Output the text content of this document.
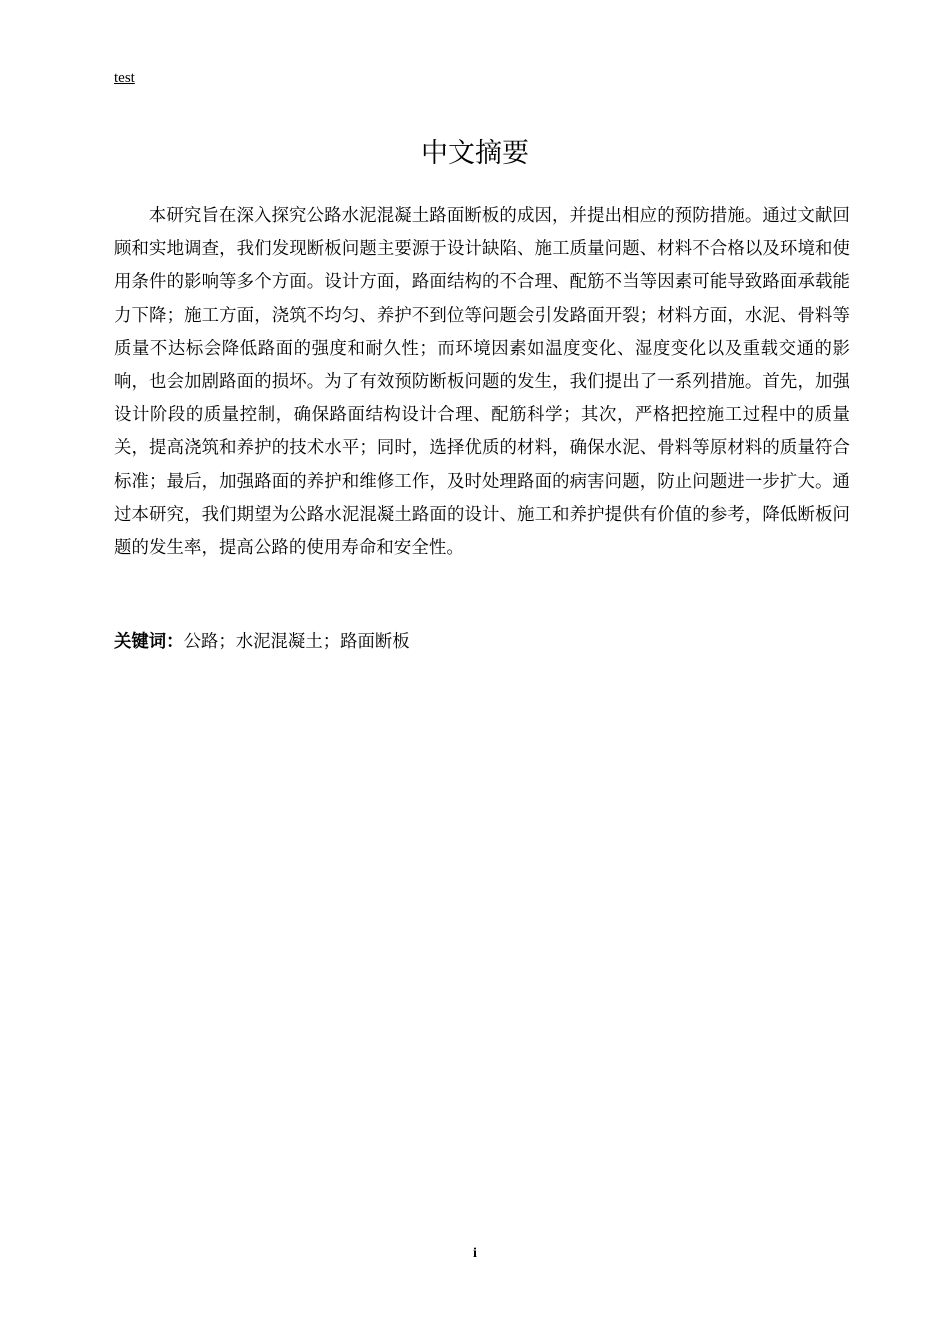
test
中文摘要

本研究旨在深入探究公路水泥混凝土路面断板的成因，并提出相应的预防措施。通过文献回顾和实地调查，我们发现断板问题主要源于设计缺陷、施工质量问题、材料不合格以及环境和使用条件的影响等多个方面。设计方面，路面结构的不合理、配筋不当等因素可能导致路面承载能力下降；施工方面，浇筑不均匀、养护不到位等问题会引发路面开裂；材料方面，水泥、骨料等质量不达标会降低路面的强度和耐久性；而环境因素如温度变化、湿度变化以及重载交通的影响，也会加剧路面的损坏。为了有效预防断板问题的发生，我们提出了一系列措施。首先，加强设计阶段的质量控制，确保路面结构设计合理、配筋科学；其次，严格把控施工过程中的质量关，提高浇筑和养护的技术水平；同时，选择优质的材料，确保水泥、骨料等原材料的质量符合标准；最后，加强路面的养护和维修工作，及时处理路面的病害问题，防止问题进一步扩大。通过本研究，我们期望为公路水泥混凝土路面的设计、施工和养护提供有价值的参考，降低断板问题的发生率，提高公路的使用寿命和安全性。

关键词：公路；水泥混凝土；路面断板
i
